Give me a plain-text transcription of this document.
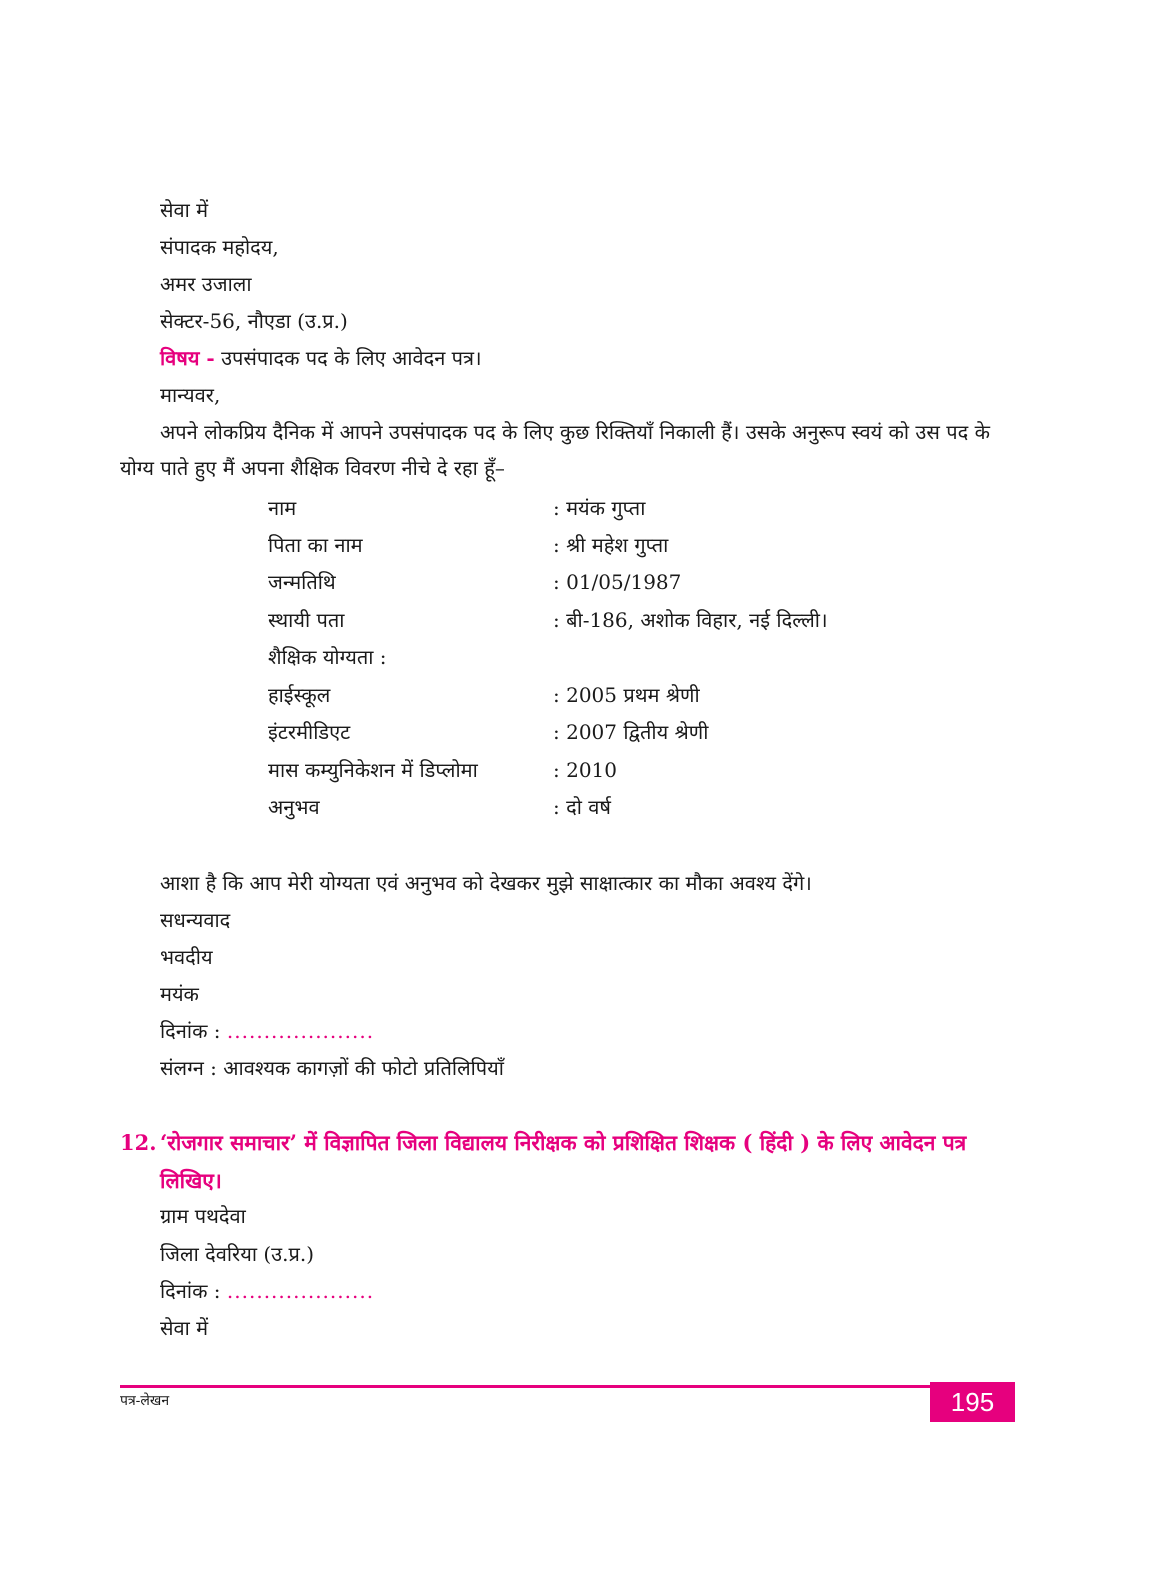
सेवा में
संपादक महोदय,
अमर उजाला
सेक्टर-56, नौएडा (उ.प्र.)
विषय - उपसंपादक पद के लिए आवेदन पत्र।
मान्यवर,
अपने लोकप्रिय दैनिक में आपने उपसंपादक पद के लिए कुछ रिक्तियाँ निकाली हैं। उसके अनुरूप स्वयं को उस पद के योग्य पाते हुए मैं अपना शैक्षिक विवरण नीचे दे रहा हूँ–
नाम	: मयंक गुप्ता
पिता का नाम	: श्री महेश गुप्ता
जन्मतिथि	: 01/05/1987
स्थायी पता	: बी-186, अशोक विहार, नई दिल्ली।
शैक्षिक योग्यता :
हाईस्कूल	: 2005 प्रथम श्रेणी
इंटरमीडिएट	: 2007 द्वितीय श्रेणी
मास कम्युनिकेशन में डिप्लोमा	: 2010
अनुभव	: दो वर्ष
आशा है कि आप मेरी योग्यता एवं अनुभव को देखकर मुझे साक्षात्कार का मौका अवश्य देंगे।
सधन्यवाद
भवदीय
मयंक
दिनांक : ....................
संलग्न : आवश्यक कागज़ों की फोटो प्रतिलिपियाँ
12. ‘रोजगार समाचार’ में विज्ञापित जिला विद्यालय निरीक्षक को प्रशिक्षित शिक्षक ( हिंदी ) के लिए आवेदन पत्र लिखिए।
ग्राम पथदेवा
जिला देवरिया (उ.प्र.)
दिनांक : ....................
सेवा में
पत्र-लेखन	195
